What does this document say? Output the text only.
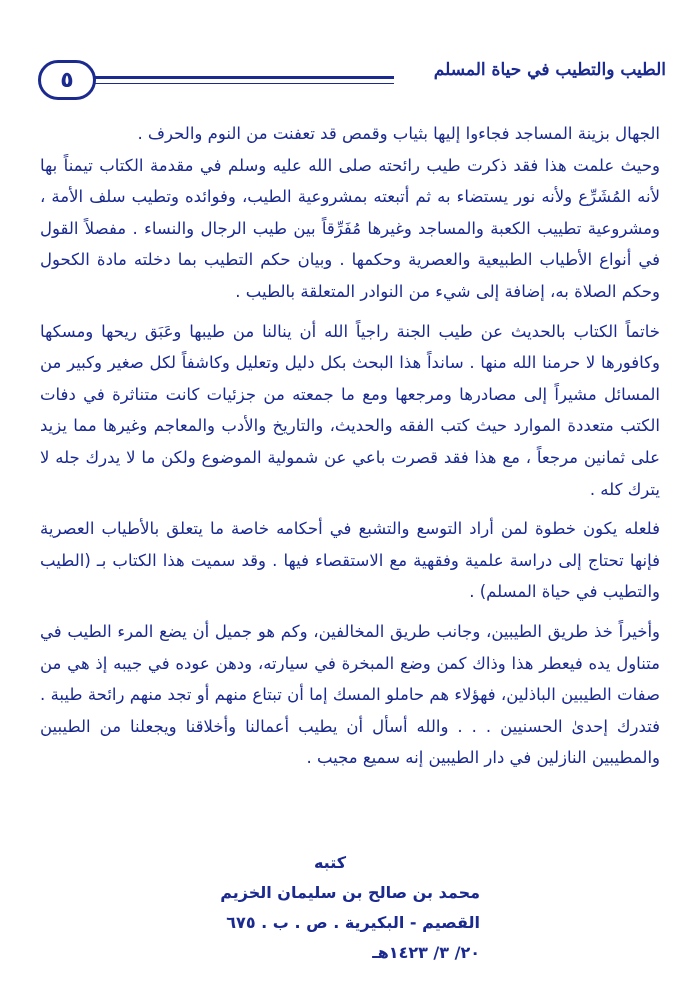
٥	الطيب والتطيب في حياة المسلم

الجهال بزينة المساجد فجاءوا إليها بثياب وقمص قد تعفنت من النوم والحرف .

وحيث علمت هذا فقد ذكرت طيب رائحته صلى الله عليه وسلم في مقدمة الكتاب تيمناً بها لأنه المُشَرِّع ولأنه نور يستضاء به ثم أتبعته بمشروعية الطيب، وفوائده وتطيب سلف الأمة ، ومشروعية تطييب الكعبة والمساجد وغيرها مُفَرِّقاً بين طيب الرجال والنساء . مفصلاً القول في أنواع الأطياب الطبيعية والعصرية وحكمها . وبيان حكم التطيب بما دخلته مادة الكحول وحكم الصلاة به، إضافة إلى شيء من النوادر المتعلقة بالطيب .

خاتماً الكتاب بالحديث عن طيب الجنة راجياً الله أن ينالنا من طيبها وعَبَق ريحها ومسكها وكافورها لا حرمنا الله منها . سانداً هذا البحث بكل دليل وتعليل وكاشفاً لكل صغير وكبير من المسائل مشيراً إلى مصادرها ومرجعها ومع ما جمعته من جزئيات كانت متناثرة في دفات الكتب متعددة الموارد حيث كتب الفقه والحديث، والتاريخ والأدب والمعاجم وغيرها مما يزيد على ثمانين مرجعاً ، مع هذا فقد قصرت باعي عن شمولية الموضوع ولكن ما لا يدرك جله لا يترك كله .

فلعله يكون خطوة لمن أراد التوسع والتشبع في أحكامه خاصة ما يتعلق بالأطياب العصرية فإنها تحتاج إلى دراسة علمية وفقهية مع الاستقصاء فيها . وقد سميت هذا الكتاب بـ (الطيب والتطيب في حياة المسلم) .

وأخيراً خذ طريق الطيبين، وجانب طريق المخالفين، وكم هو جميل أن يضع المرء الطيب في متناول يده فيعطر هذا وذاك كمن وضع المبخرة في سيارته، ودهن عوده في جيبه إذ هي من صفات الطيبين الباذلين، فهؤلاء هم حاملو المسك إما أن تبتاع منهم أو تجد منهم رائحة طيبة . فتدرك إحدىٰ الحسنيين . . . والله أسأل أن يطيب أعمالنا وأخلاقنا ويجعلنا من الطيبين والمطيبين النازلين في دار الطيبين إنه سميع مجيب .

كتبه
محمد بن صالح بن سليمان الخزيم
القصيم - البكيرية . ص . ب . ٦٧٥
٢٠/ ٣/ ١٤٢٣هـ
